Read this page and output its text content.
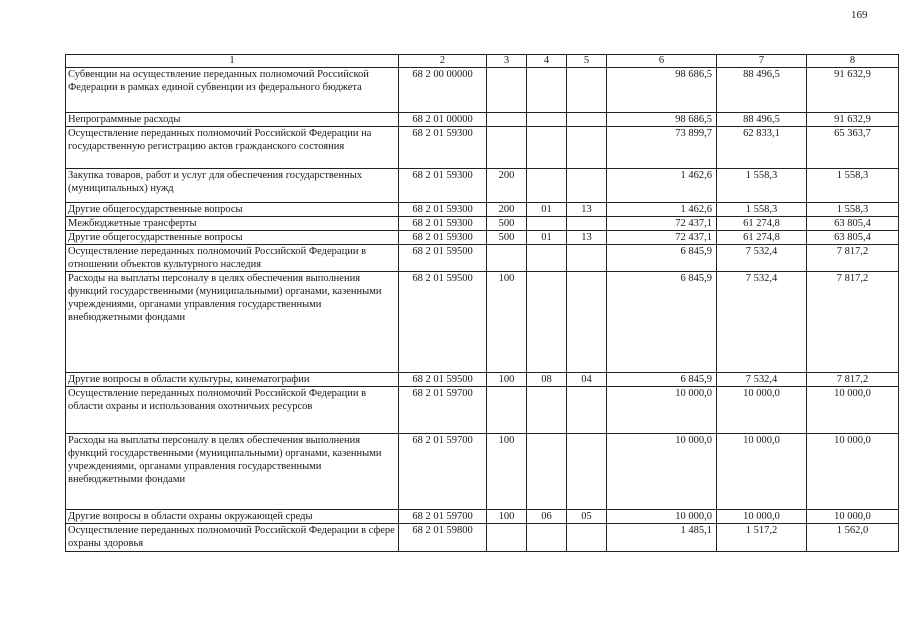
169
1	2	3	4	5	6	7	8
Субвенции на осуществление переданных полномочий Российской Федерации в рамках единой субвенции из федерального бюджета	68 2 00 00000				98 686,5	88 496,5	91 632,9
Непрограммные расходы	68 2 01 00000				98 686,5	88 496,5	91 632,9
Осуществление переданных полномочий Российской Федерации на государственную регистрацию актов гражданского состояния	68 2 01 59300				73 899,7	62 833,1	65 363,7
Закупка товаров, работ и услуг для обеспечения государственных (муниципальных) нужд	68 2 01 59300	200			1 462,6	1 558,3	1 558,3
Другие общегосударственные вопросы	68 2 01 59300	200	01	13	1 462,6	1 558,3	1 558,3
Межбюджетные трансферты	68 2 01 59300	500			72 437,1	61 274,8	63 805,4
Другие общегосударственные вопросы	68 2 01 59300	500	01	13	72 437,1	61 274,8	63 805,4
Осуществление переданных полномочий Российской Федерации в отношении объектов культурного наследия	68 2 01 59500				6 845,9	7 532,4	7 817,2
Расходы на выплаты персоналу в целях обеспечения выполнения функций государственными (муниципальными) органами, казенными учреждениями, органами управления государственными внебюджетными фондами	68 2 01 59500	100			6 845,9	7 532,4	7 817,2
Другие вопросы в области культуры, кинематографии	68 2 01 59500	100	08	04	6 845,9	7 532,4	7 817,2
Осуществление переданных полномочий Российской Федерации в области охраны и использования охотничьих ресурсов	68 2 01 59700				10 000,0	10 000,0	10 000,0
Расходы на выплаты персоналу в целях обеспечения выполнения функций государственными (муниципальными) органами, казенными учреждениями, органами управления государственными внебюджетными фондами	68 2 01 59700	100			10 000,0	10 000,0	10 000,0
Другие вопросы в области охраны окружающей среды	68 2 01 59700	100	06	05	10 000,0	10 000,0	10 000,0
Осуществление переданных полномочий Российской Федерации в сфере охраны здоровья	68 2 01 59800				1 485,1	1 517,2	1 562,0
